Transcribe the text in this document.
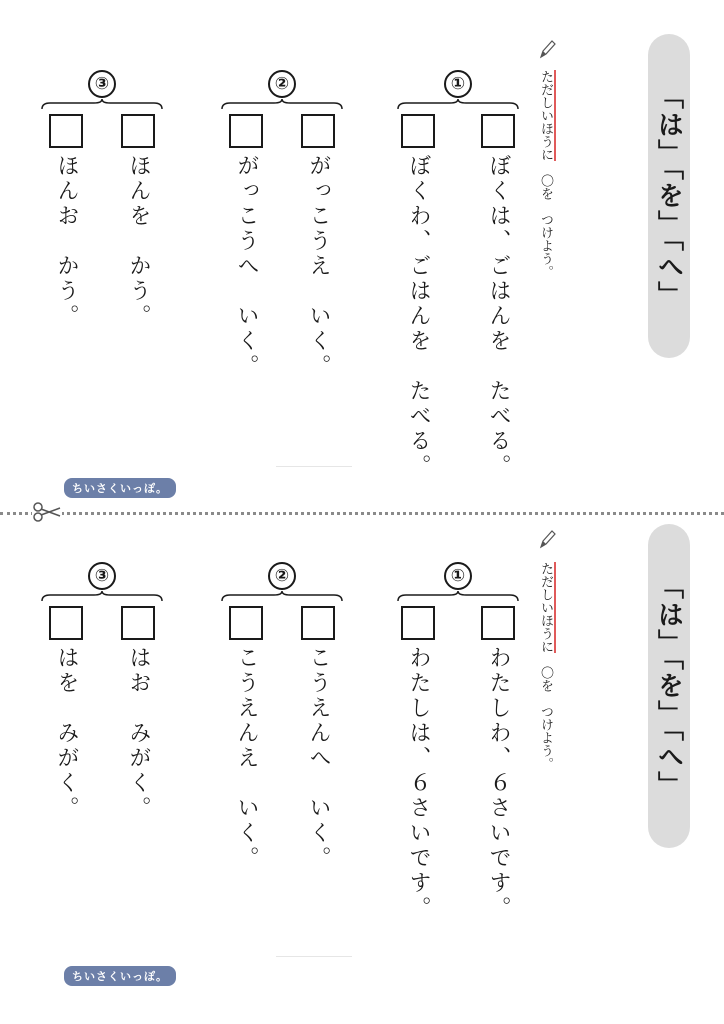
「は」「を」「へ」
ただしいほうに　〇を　つけよう。
①
ぼくは、ごはんを　たべる。
ぼくわ、ごはんを　たべる。
②
がっこうえ　いく。
がっこうへ　いく。
③
ほんを　かう。
ほんお　かう。
ちいさくいっぽ。
「は」「を」「へ」
ただしいほうに　〇を　つけよう。
①
わたしわ、６さいです。
わたしは、６さいです。
②
こうえんへ　いく。
こうえんえ　いく。
③
はお　みがく。
はを　みがく。
ちいさくいっぽ。
